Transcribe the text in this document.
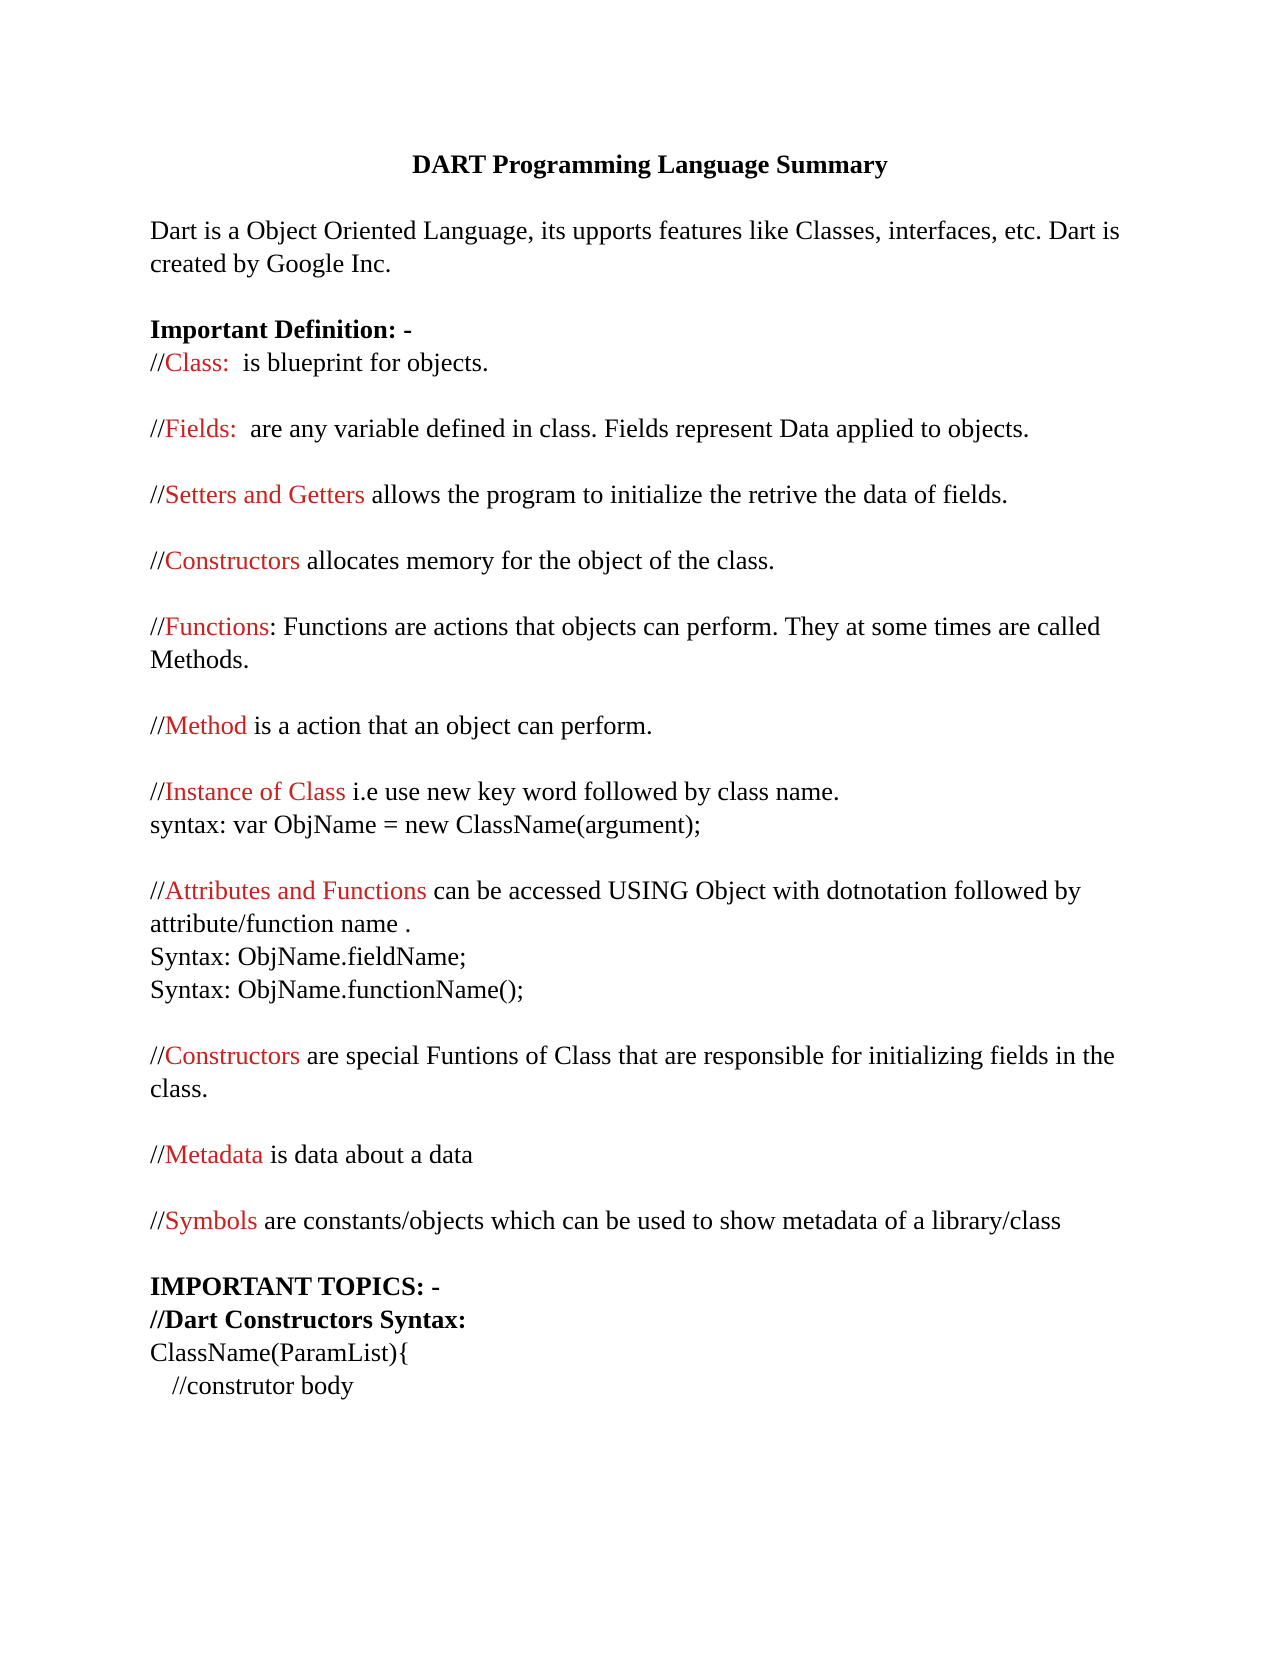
DART Programming Language Summary

Dart is a Object Oriented Language, its upports features like Classes, interfaces, etc. Dart is created by Google Inc.

Important Definition: -

//Class:  is blueprint for objects.

//Fields:  are any variable defined in class. Fields represent Data applied to objects.

//Setters and Getters allows the program to initialize the retrive the data of fields.

//Constructors allocates memory for the object of the class.

//Functions: Functions are actions that objects can perform. They at some times are called Methods.

//Method is a action that an object can perform.

//Instance of Class i.e use new key word followed by class name.
syntax: var ObjName = new ClassName(argument);

//Attributes and Functions can be accessed USING Object with dotnotation followed by attribute/function name .
Syntax: ObjName.fieldName;
Syntax: ObjName.functionName();

//Constructors are special Funtions of Class that are responsible for initializing fields in the class.

//Metadata is data about a data

//Symbols are constants/objects which can be used to show metadata of a library/class

IMPORTANT TOPICS: -

//Dart Constructors Syntax:
ClassName(ParamList){
//construtor body
